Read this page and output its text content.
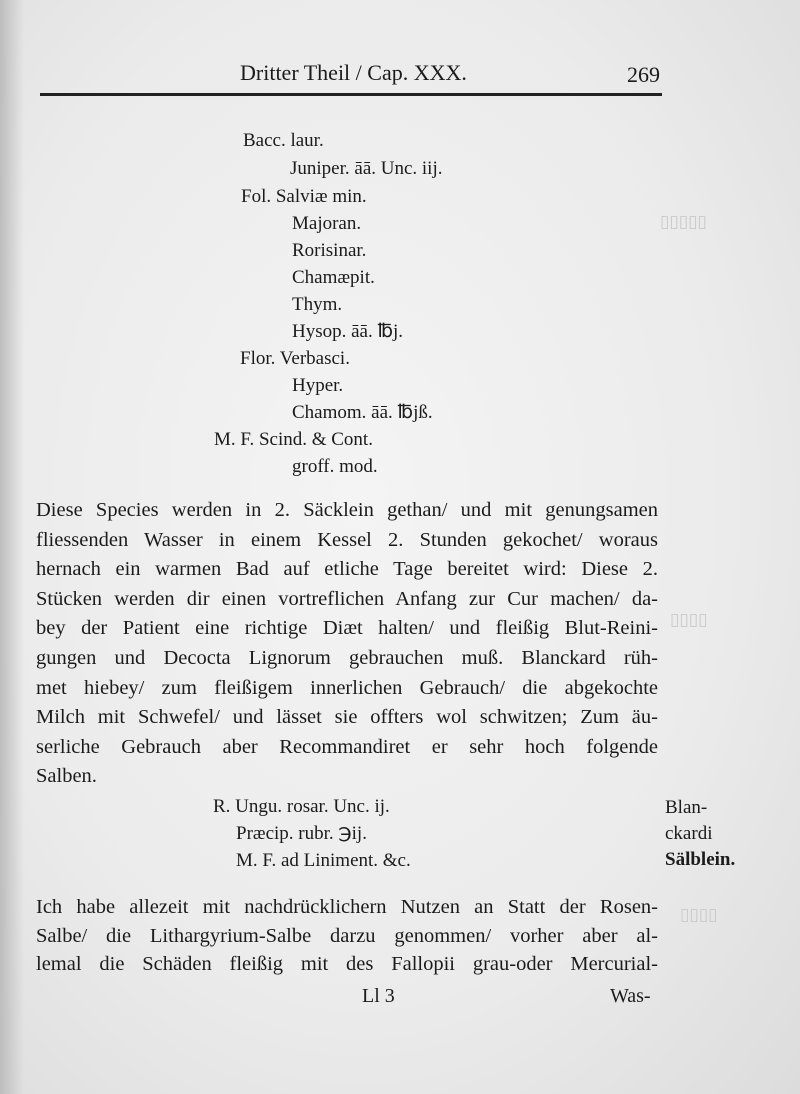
▯▯▯▯▯
▯▯▯▯
▯▯▯▯
Dritter Theil / Cap. XXX.	269
Bacc. laur.
Juniper. āā. Unc. iij.
Fol. Salviæ min.
Majoran.
Rorisinar.
Chamæpit.
Thym.
Hysop. āā. ℔j.
Flor. Verbasci.
Hyper.
Chamom. āā. ℔jß.
M. F. Scind. & Cont.
groff. mod.
Diese Species werden in 2. Säcklein gethan/ und mit genungsamen
fliessenden Wasser in einem Kessel 2. Stunden gekochet/ woraus
hernach ein warmen Bad auf etliche Tage bereitet wird: Diese 2.
Stücken werden dir einen vortreflichen Anfang zur Cur machen/ da-
bey der Patient eine richtige Diæt halten/ und fleißig Blut-Reini-
gungen und Decocta Lignorum gebrauchen muß. Blanckard rüh-
met hiebey/ zum fleißigem innerlichen Gebrauch/ die abgekochte
Milch mit Schwefel/ und lässet sie offters wol schwitzen; Zum äu-
serliche Gebrauch aber Recommandiret er sehr hoch folgende
Salben.
R. Ungu. rosar. Unc. ij.
Præcip. rubr. ℈ij.
M. F. ad Liniment. &c.
Blan-
ckardi
Sälblein.
Ich habe allezeit mit nachdrücklichern Nutzen an Statt der Rosen-
Salbe/ die Lithargyrium-Salbe darzu genommen/ vorher aber al-
lemal die Schäden fleißig mit des Fallopii grau-oder Mercurial-
Ll 3	Was-
